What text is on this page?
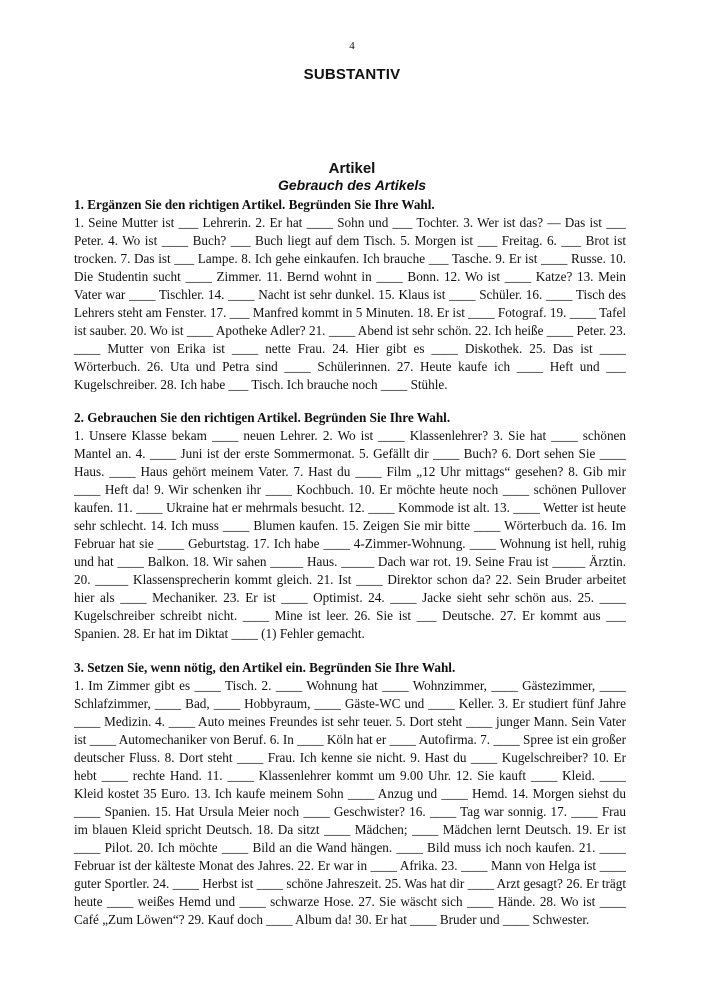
4
SUBSTANTIV
Artikel
Gebrauch des Artikels
1. Ergänzen Sie den richtigen Artikel. Begründen Sie Ihre Wahl.
1. Seine Mutter ist ___ Lehrerin. 2. Er hat ____ Sohn und ___ Tochter. 3. Wer ist das? — Das ist ___ Peter. 4. Wo ist ____ Buch? ___ Buch liegt auf dem Tisch. 5. Morgen ist ___ Freitag. 6. ___ Brot ist trocken. 7. Das ist ___ Lampe. 8. Ich gehe einkaufen. Ich brauche ___ Tasche. 9. Er ist ____ Russe. 10. Die Studentin sucht ____ Zimmer. 11. Bernd wohnt in ____ Bonn. 12. Wo ist ____ Katze? 13. Mein Vater war ____ Tischler. 14. ____ Nacht ist sehr dunkel. 15. Klaus ist ____ Schüler. 16. ____ Tisch des Lehrers steht am Fenster. 17. ___ Manfred kommt in 5 Minuten. 18. Er ist ____ Fotograf. 19. ____ Tafel ist sauber. 20. Wo ist ____ Apotheke Adler? 21. ____ Abend ist sehr schön. 22. Ich heiße ____ Peter. 23. ____ Mutter von Erika ist ____ nette Frau. 24. Hier gibt es ____ Diskothek. 25. Das ist ____ Wörterbuch. 26. Uta und Petra sind ____ Schülerinnen. 27. Heute kaufe ich ____ Heft und ___ Kugelschreiber. 28. Ich habe ___ Tisch. Ich brauche noch ____ Stühle.
2. Gebrauchen Sie den richtigen Artikel. Begründen Sie Ihre Wahl.
1. Unsere Klasse bekam ____ neuen Lehrer. 2. Wo ist ____ Klassenlehrer? 3. Sie hat ____ schönen Mantel an. 4. ____ Juni ist der erste Sommermonat. 5. Gefällt dir ____ Buch? 6. Dort sehen Sie ____ Haus. ____ Haus gehört meinem Vater. 7. Hast du ____ Film „12 Uhr mittags“ gesehen? 8. Gib mir ____ Heft da! 9. Wir schenken ihr ____ Kochbuch. 10. Er möchte heute noch ____ schönen Pullover kaufen. 11. ____ Ukraine hat er mehrmals besucht. 12. ____ Kommode ist alt. 13. ____ Wetter ist heute sehr schlecht. 14. Ich muss ____ Blumen kaufen. 15. Zeigen Sie mir bitte ____ Wörterbuch da. 16. Im Februar hat sie ____ Geburtstag. 17. Ich habe ____ 4-Zimmer-Wohnung. ____ Wohnung ist hell, ruhig und hat ____ Balkon. 18. Wir sahen _____ Haus. _____ Dach war rot. 19. Seine Frau ist _____ Ärztin. 20. _____ Klassensprecherin kommt gleich. 21. Ist ____ Direktor schon da? 22. Sein Bruder arbeitet hier als ____ Mechaniker. 23. Er ist ____ Optimist. 24. ____ Jacke sieht sehr schön aus. 25. ____ Kugelschreiber schreibt nicht. ____ Mine ist leer. 26. Sie ist ___ Deutsche. 27. Er kommt aus ___ Spanien. 28. Er hat im Diktat ____ (1) Fehler gemacht.
3. Setzen Sie, wenn nötig, den Artikel ein. Begründen Sie Ihre Wahl.
1. Im Zimmer gibt es ____ Tisch. 2. ____ Wohnung hat ____ Wohnzimmer, ____ Gästezimmer, ____ Schlafzimmer, ____ Bad, ____ Hobbyraum, ____ Gäste-WC und ____ Keller. 3. Er studiert fünf Jahre ____ Medizin. 4. ____ Auto meines Freundes ist sehr teuer. 5. Dort steht ____ junger Mann. Sein Vater ist ____ Automechaniker von Beruf. 6. In ____ Köln hat er ____ Autofirma. 7. ____ Spree ist ein großer deutscher Fluss. 8. Dort steht ____ Frau. Ich kenne sie nicht. 9. Hast du ____ Kugelschreiber? 10. Er hebt ____ rechte Hand. 11. ____ Klassenlehrer kommt um 9.00 Uhr. 12. Sie kauft ____ Kleid. ____ Kleid kostet 35 Euro. 13. Ich kaufe meinem Sohn ____ Anzug und ____ Hemd. 14. Morgen siehst du ____ Spanien. 15. Hat Ursula Meier noch ____ Geschwister? 16. ____ Tag war sonnig. 17. ____ Frau im blauen Kleid spricht Deutsch. 18. Da sitzt ____ Mädchen; ____ Mädchen lernt Deutsch. 19. Er ist ____ Pilot. 20. Ich möchte ____ Bild an die Wand hängen. ____ Bild muss ich noch kaufen. 21. ____ Februar ist der kälteste Monat des Jahres. 22. Er war in ____ Afrika. 23. ____ Mann von Helga ist ____ guter Sportler. 24. ____ Herbst ist ____ schöne Jahreszeit. 25. Was hat dir ____ Arzt gesagt? 26. Er trägt heute ____ weißes Hemd und ____ schwarze Hose. 27. Sie wäscht sich ____ Hände. 28. Wo ist ____ Café „Zum Löwen“? 29. Kauf doch ____ Album da! 30. Er hat ____ Bruder und ____ Schwester.
